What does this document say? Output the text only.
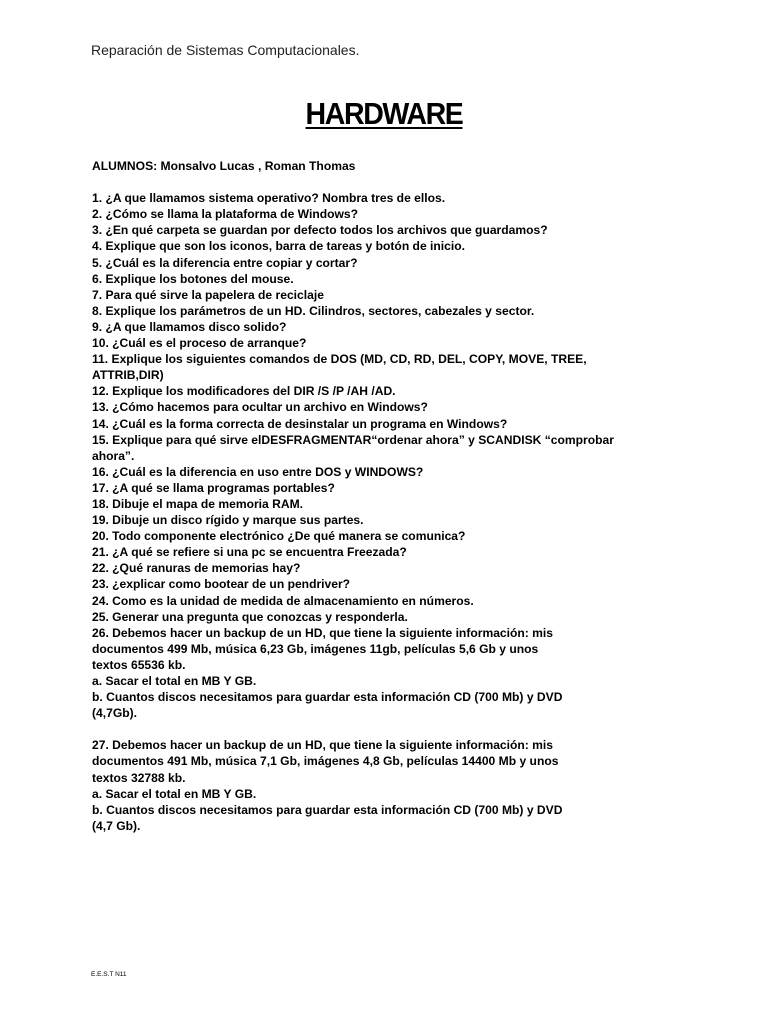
Reparación de Sistemas Computacionales.
HARDWARE
ALUMNOS: Monsalvo Lucas , Roman Thomas
1. ¿A que llamamos sistema operativo? Nombra tres de ellos.
2. ¿Cómo se llama la plataforma de Windows?
3. ¿En qué carpeta se guardan por defecto todos los archivos que guardamos?
4. Explique que son los iconos, barra de tareas y botón de inicio.
5. ¿Cuál es la diferencia entre copiar y cortar?
6. Explique los botones del mouse.
7. Para qué sirve la papelera de reciclaje
8. Explique los parámetros de un HD. Cilindros, sectores, cabezales y sector.
9. ¿A que llamamos disco solido?
10. ¿Cuál es el proceso de arranque?
11. Explique los siguientes comandos de DOS (MD, CD, RD, DEL, COPY, MOVE, TREE,
ATTRIB,DIR)
12. Explique los modificadores del DIR /S /P /AH /AD.
13. ¿Cómo hacemos para ocultar un archivo en Windows?
14. ¿Cuál es la forma correcta de desinstalar un programa en Windows?
15. Explique para qué sirve elDESFRAGMENTAR“ordenar ahora” y SCANDISK “comprobar
ahora”.
16. ¿Cuál es la diferencia en uso entre DOS y WINDOWS?
17. ¿A qué se llama programas portables?
18. Dibuje el mapa de memoria RAM.
19. Dibuje un disco rígido y marque sus partes.
20. Todo componente electrónico ¿De qué manera se comunica?
21. ¿A qué se refiere si una pc se encuentra Freezada?
22. ¿Qué ranuras de memorias hay?
23. ¿explicar como bootear de un pendriver?
24. Como es la unidad de medida de almacenamiento en números.
25. Generar una pregunta que conozcas y responderla.
26. Debemos hacer un backup de un HD, que tiene la siguiente información: mis
documentos 499 Mb, música 6,23 Gb, imágenes 11gb, películas 5,6 Gb y unos
textos 65536 kb.
a. Sacar el total en MB Y GB.
b. Cuantos discos necesitamos para guardar esta información CD (700 Mb) y DVD
(4,7Gb).
27. Debemos hacer un backup de un HD, que tiene la siguiente información: mis
documentos 491 Mb, música 7,1 Gb, imágenes 4,8 Gb, películas 14400 Mb y unos
textos 32788 kb.
a. Sacar el total en MB Y GB.
b. Cuantos discos necesitamos para guardar esta información CD (700 Mb) y DVD
(4,7 Gb).
E.E.S.T N11
